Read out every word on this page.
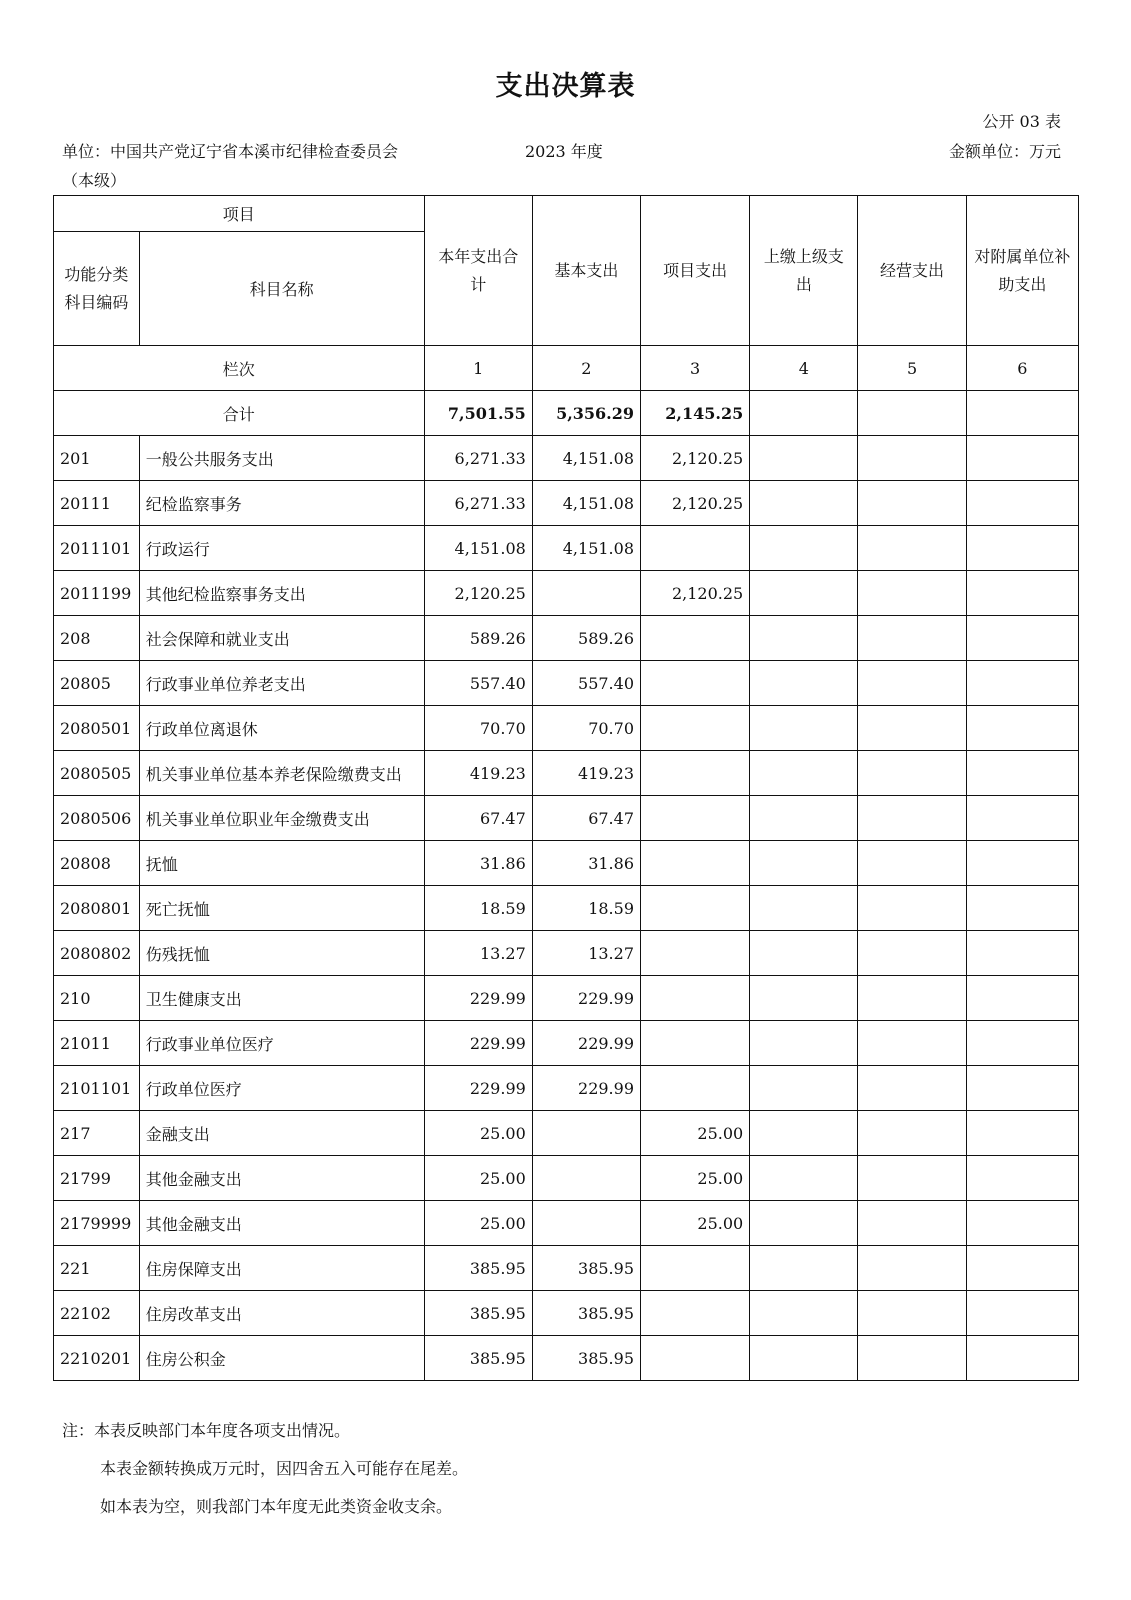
支出决算表
公开 03 表
单位：中国共产党辽宁省本溪市纪律检查委员会
（本级）
2023 年度	金额单位：万元
项目		本年支出合计	基本支出	项目支出	上缴上级支出	经营支出	对附属单位补助支出
功能分类科目编码	科目名称						
栏次		1	2	3	4	5	6
合计		7,501.55	5,356.29	2,145.25			
201	一般公共服务支出	6,271.33	4,151.08	2,120.25			
20111	纪检监察事务	6,271.33	4,151.08	2,120.25			
2011101	行政运行	4,151.08	4,151.08				
2011199	其他纪检监察事务支出	2,120.25		2,120.25			
208	社会保障和就业支出	589.26	589.26				
20805	行政事业单位养老支出	557.40	557.40				
2080501	行政单位离退休	70.70	70.70				
2080505	机关事业单位基本养老保险缴费支出	419.23	419.23				
2080506	机关事业单位职业年金缴费支出	67.47	67.47				
20808	抚恤	31.86	31.86				
2080801	死亡抚恤	18.59	18.59				
2080802	伤残抚恤	13.27	13.27				
210	卫生健康支出	229.99	229.99				
21011	行政事业单位医疗	229.99	229.99				
2101101	行政单位医疗	229.99	229.99				
217	金融支出	25.00		25.00			
21799	其他金融支出	25.00		25.00			
2179999	其他金融支出	25.00		25.00			
221	住房保障支出	385.95	385.95				
22102	住房改革支出	385.95	385.95				
2210201	住房公积金	385.95	385.95				
注：本表反映部门本年度各项支出情况。
本表金额转换成万元时，因四舍五入可能存在尾差。
如本表为空，则我部门本年度无此类资金收支余。
